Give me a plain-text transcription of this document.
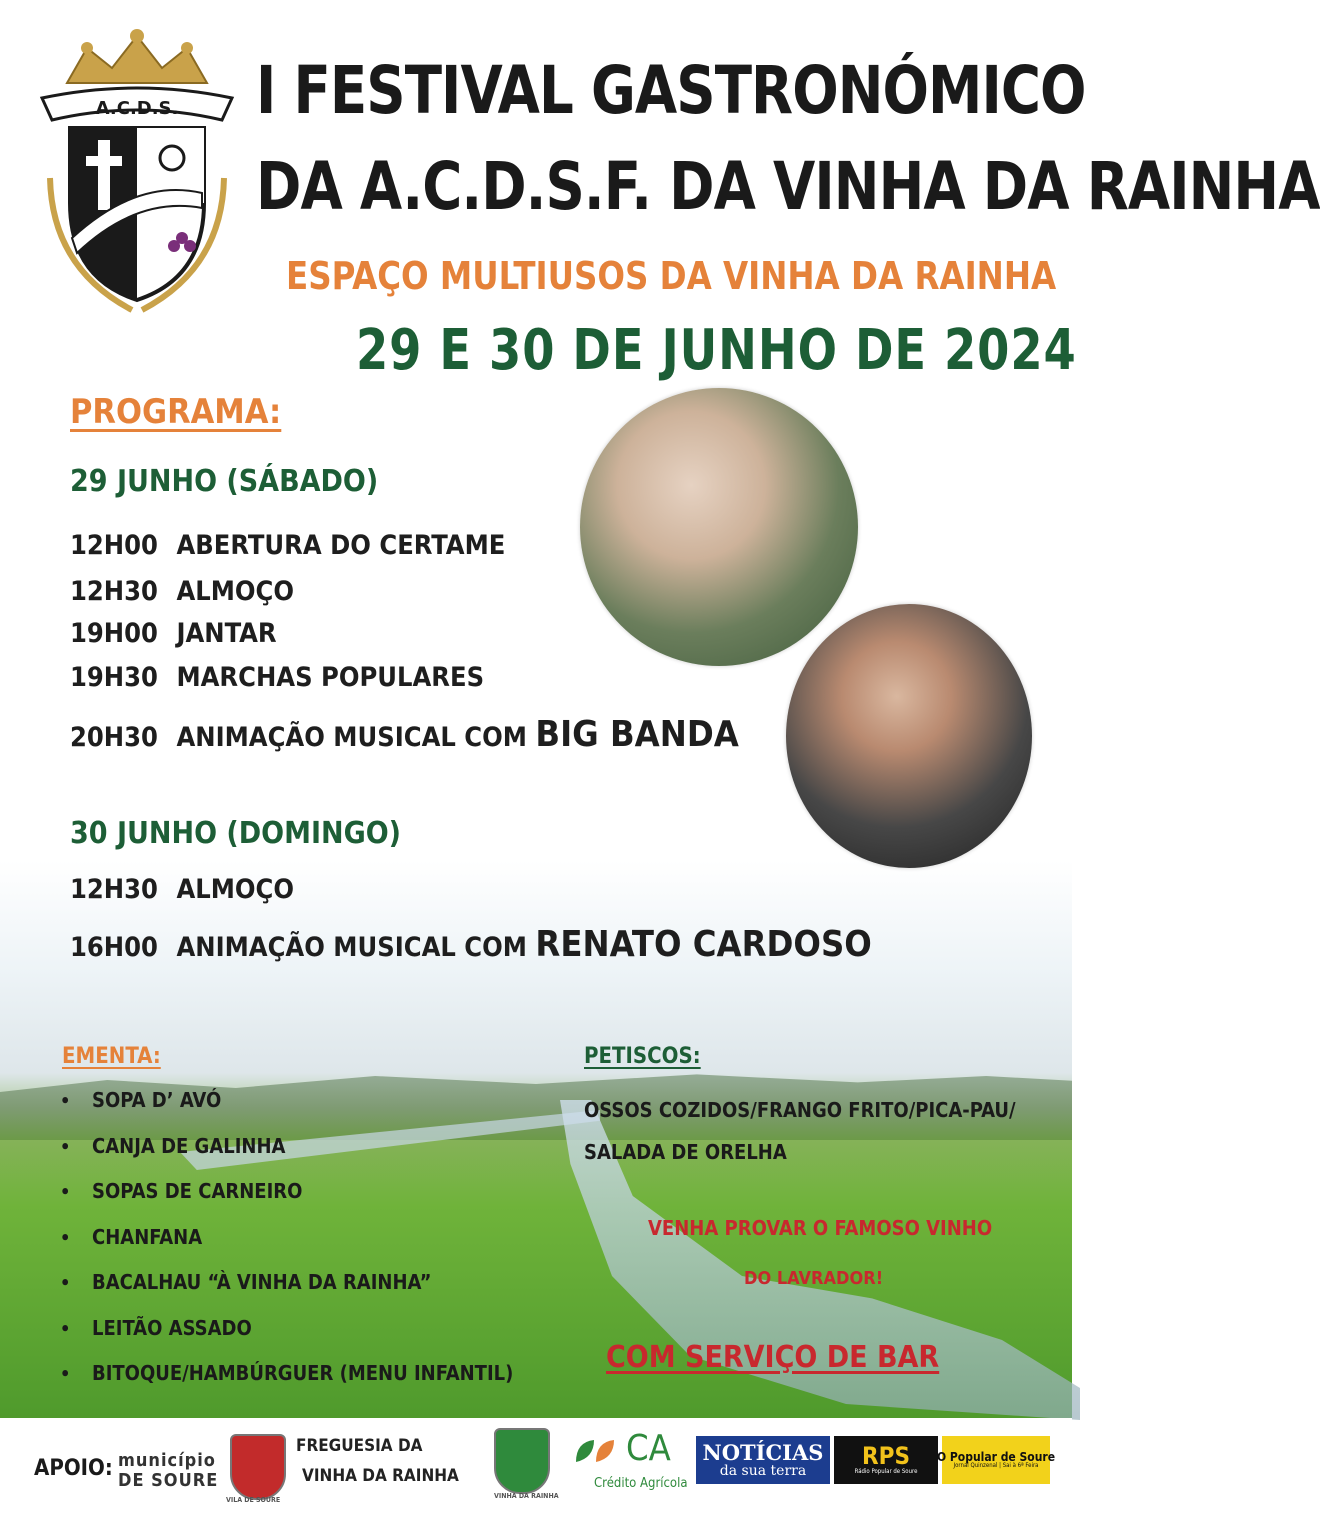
A.C.D.S. I FESTIVAL GASTRONÓMICO
DA A.C.D.S.F. DA VINHA DA RAINHA
ESPAÇO MULTIUSOS DA VINHA DA RAINHA
29 E 30 DE JUNHO DE 2024
PROGRAMA:
29 JUNHO (SÁBADO)
12H00 ABERTURA DO CERTAME
12H30 ALMOÇO
19H00 JANTAR
19H30 MARCHAS POPULARES
20H30 ANIMAÇÃO MUSICAL COM BIG BANDA
30 JUNHO (DOMINGO)
12H30 ALMOÇO
16H00 ANIMAÇÃO MUSICAL COM RENATO CARDOSO
EMENTA:
• SOPA D’ AVÓ
• CANJA DE GALINHA
• SOPAS DE CARNEIRO
• CHANFANA
• BACALHAU “À VINHA DA RAINHA”
• LEITÃO ASSADO
• BITOQUE/HAMBÚRGUER (MENU INFANTIL)
PETISCOS:
OSSOS COZIDOS/FRANGO FRITO/PICA-PAU/
SALADA DE ORELHA
VENHA PROVAR O FAMOSO VINHO
DO LAVRADOR!
COM SERVIÇO DE BAR
APOIO: município
DE SOURE
VILA DE SOURE
FREGUESIA DA
VINHA DA RAINHA
VINHA DA RAINHA
CA
Crédito Agrícola
NOTÍCIAS
da sua terra
RPS
Rádio Popular de Soure
O Popular de Soure
Jornal Quinzenal | Sai à 6ª Feira
